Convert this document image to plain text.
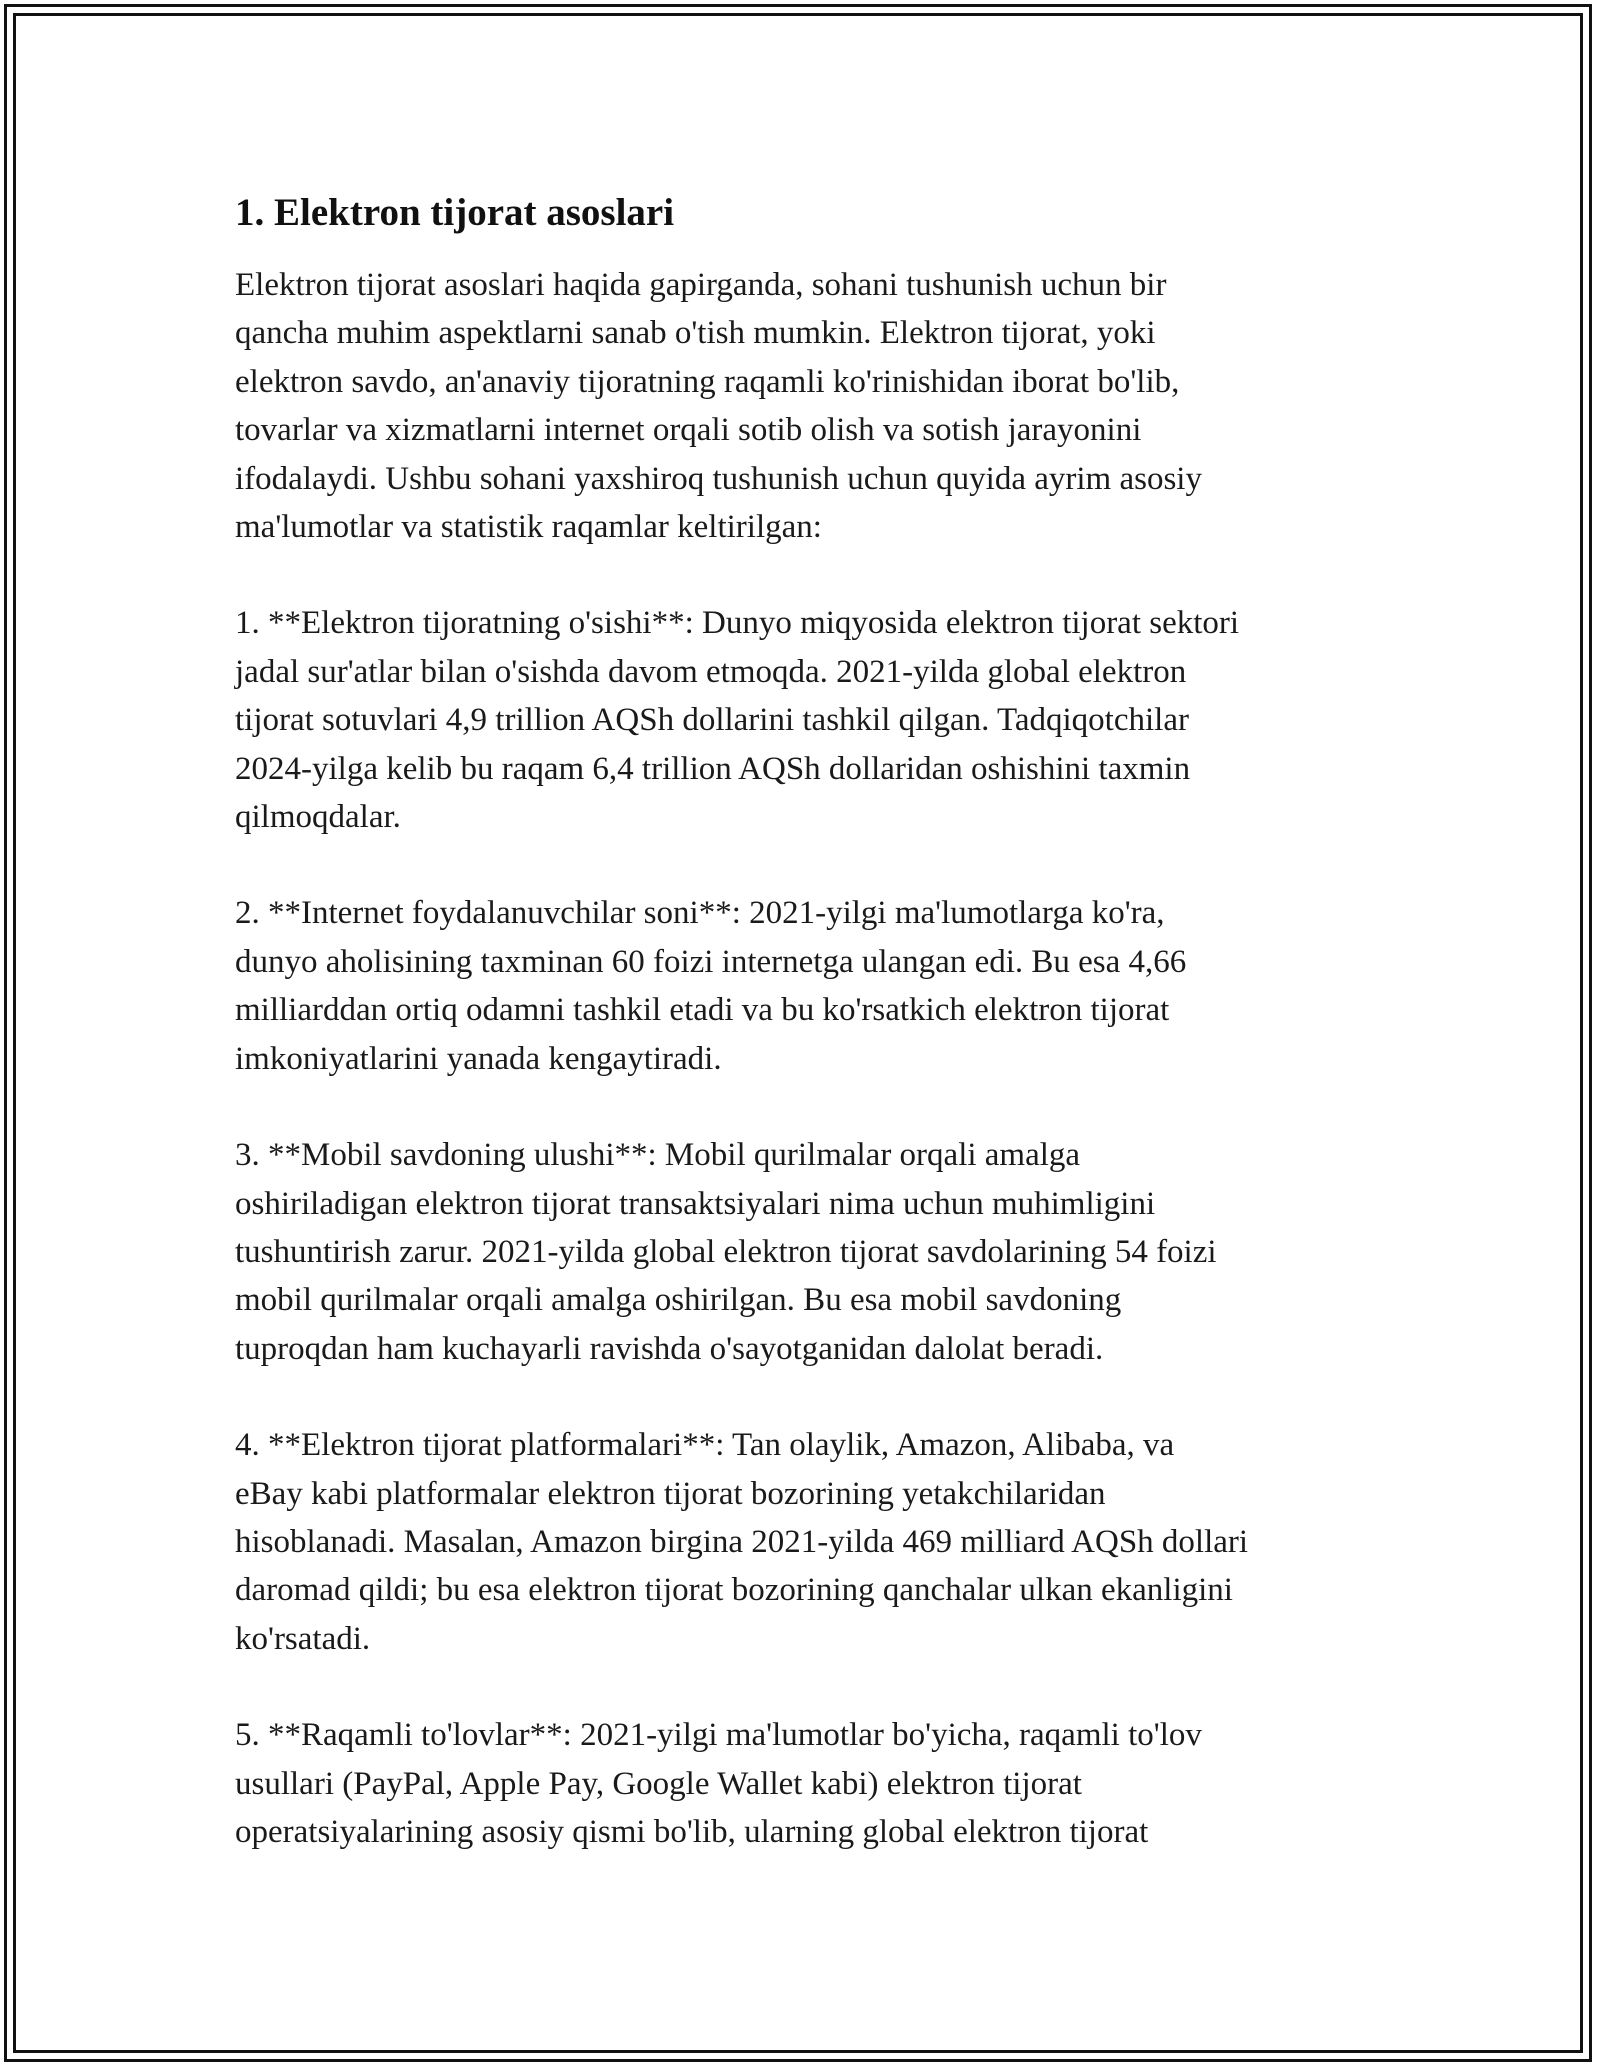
1. Elektron tijorat asoslari

Elektron tijorat asoslari haqida gapirganda, sohani tushunish uchun bir
qancha muhim aspektlarni sanab o'tish mumkin. Elektron tijorat, yoki
elektron savdo, an'anaviy tijoratning raqamli ko'rinishidan iborat bo'lib,
tovarlar va xizmatlarni internet orqali sotib olish va sotish jarayonini
ifodalaydi. Ushbu sohani yaxshiroq tushunish uchun quyida ayrim asosiy
ma'lumotlar va statistik raqamlar keltirilgan:

1. **Elektron tijoratning o'sishi**: Dunyo miqyosida elektron tijorat sektori
jadal sur'atlar bilan o'sishda davom etmoqda. 2021-yilda global elektron
tijorat sotuvlari 4,9 trillion AQSh dollarini tashkil qilgan. Tadqiqotchilar
2024-yilga kelib bu raqam 6,4 trillion AQSh dollaridan oshishini taxmin
qilmoqdalar.

2. **Internet foydalanuvchilar soni**: 2021-yilgi ma'lumotlarga ko'ra,
dunyo aholisining taxminan 60 foizi internetga ulangan edi. Bu esa 4,66
milliarddan ortiq odamni tashkil etadi va bu ko'rsatkich elektron tijorat
imkoniyatlarini yanada kengaytiradi.

3. **Mobil savdoning ulushi**: Mobil qurilmalar orqali amalga
oshiriladigan elektron tijorat transaktsiyalari nima uchun muhimligini
tushuntirish zarur. 2021-yilda global elektron tijorat savdolarining 54 foizi
mobil qurilmalar orqali amalga oshirilgan. Bu esa mobil savdoning
tuproqdan ham kuchayarli ravishda o'sayotganidan dalolat beradi.

4. **Elektron tijorat platformalari**: Tan olaylik, Amazon, Alibaba, va
eBay kabi platformalar elektron tijorat bozorining yetakchilaridan
hisoblanadi. Masalan, Amazon birgina 2021-yilda 469 milliard AQSh dollari
daromad qildi; bu esa elektron tijorat bozorining qanchalar ulkan ekanligini
ko'rsatadi.

5. **Raqamli to'lovlar**: 2021-yilgi ma'lumotlar bo'yicha, raqamli to'lov
usullari (PayPal, Apple Pay, Google Wallet kabi) elektron tijorat
operatsiyalarining asosiy qismi bo'lib, ularning global elektron tijorat
